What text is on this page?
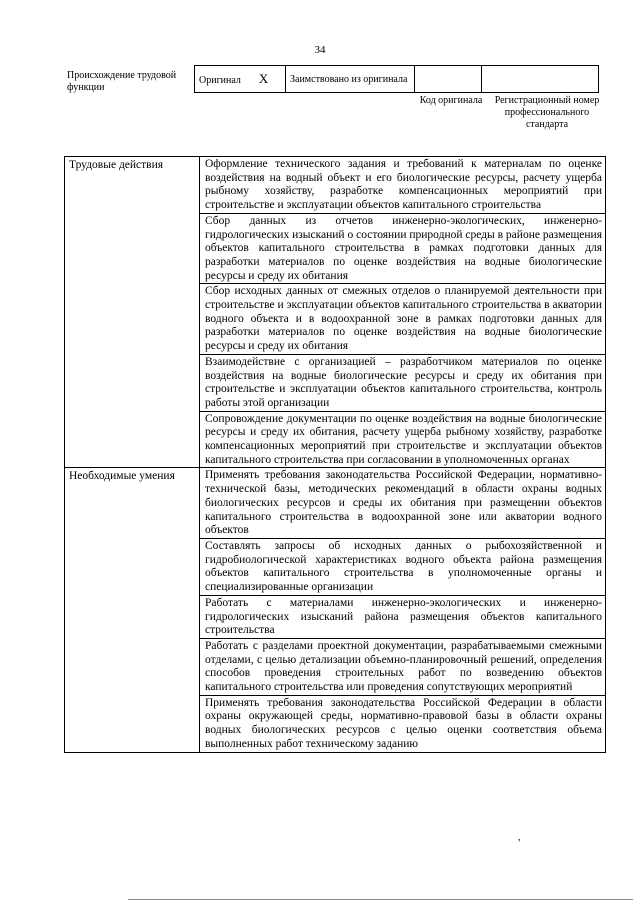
34
Происхождение трудовой функции
Оригинал X	Заимствовано из оригинала		
Код оригинала Регистрационный номер профессионального стандарта
Трудовые действия	Оформление технического задания и требований к материалам по оценке воздействия на водный объект и его биологические ресурсы, расчету ущерба рыбному хозяйству, разработке компенсационных мероприятий при строительстве и эксплуатации объектов капитального строительства
	Сбор данных из отчетов инженерно-экологических, инженерно-гидрологических изысканий о состоянии природной среды в районе размещения объектов капитального строительства в рамках подготовки данных для разработки материалов по оценке воздействия на водные биологические ресурсы и среду их обитания
	Сбор исходных данных от смежных отделов о планируемой деятельности при строительстве и эксплуатации объектов капитального строительства в акватории водного объекта и в водоохранной зоне в рамках подготовки данных для разработки материалов по оценке воздействия на водные биологические ресурсы и среду их обитания
	Взаимодействие с организацией – разработчиком материалов по оценке воздействия на водные биологические ресурсы и среду их обитания при строительстве и эксплуатации объектов капитального строительства, контроль работы этой организации
	Сопровождение документации по оценке воздействия на водные биологические ресурсы и среду их обитания, расчету ущерба рыбному хозяйству, разработке компенсационных мероприятий при строительстве и эксплуатации объектов капитального строительства при согласовании в уполномоченных органах
Необходимые умения	Применять требования законодательства Российской Федерации, нормативно-технической базы, методических рекомендаций в области охраны водных биологических ресурсов и среды их обитания при размещении объектов капитального строительства в водоохранной зоне или акватории водного объектов
	Составлять запросы об исходных данных о рыбохозяйственной и гидробиологической характеристиках водного объекта района размещения объектов капитального строительства в уполномоченные органы и специализированные организации
	Работать с материалами инженерно-экологических и инженерно-гидрологических изысканий района размещения объектов капитального строительства
	Работать с разделами проектной документации, разрабатываемыми смежными отделами, с целью детализации объемно-планировочный решений, определения способов проведения строительных работ по возведению объектов капитального строительства или проведения сопутствующих мероприятий
	Применять требования законодательства Российской Федерации в области охраны окружающей среды, нормативно-правовой базы в области охраны водных биологических ресурсов с целью оценки соответствия объема выполненных работ техническому заданию
,
